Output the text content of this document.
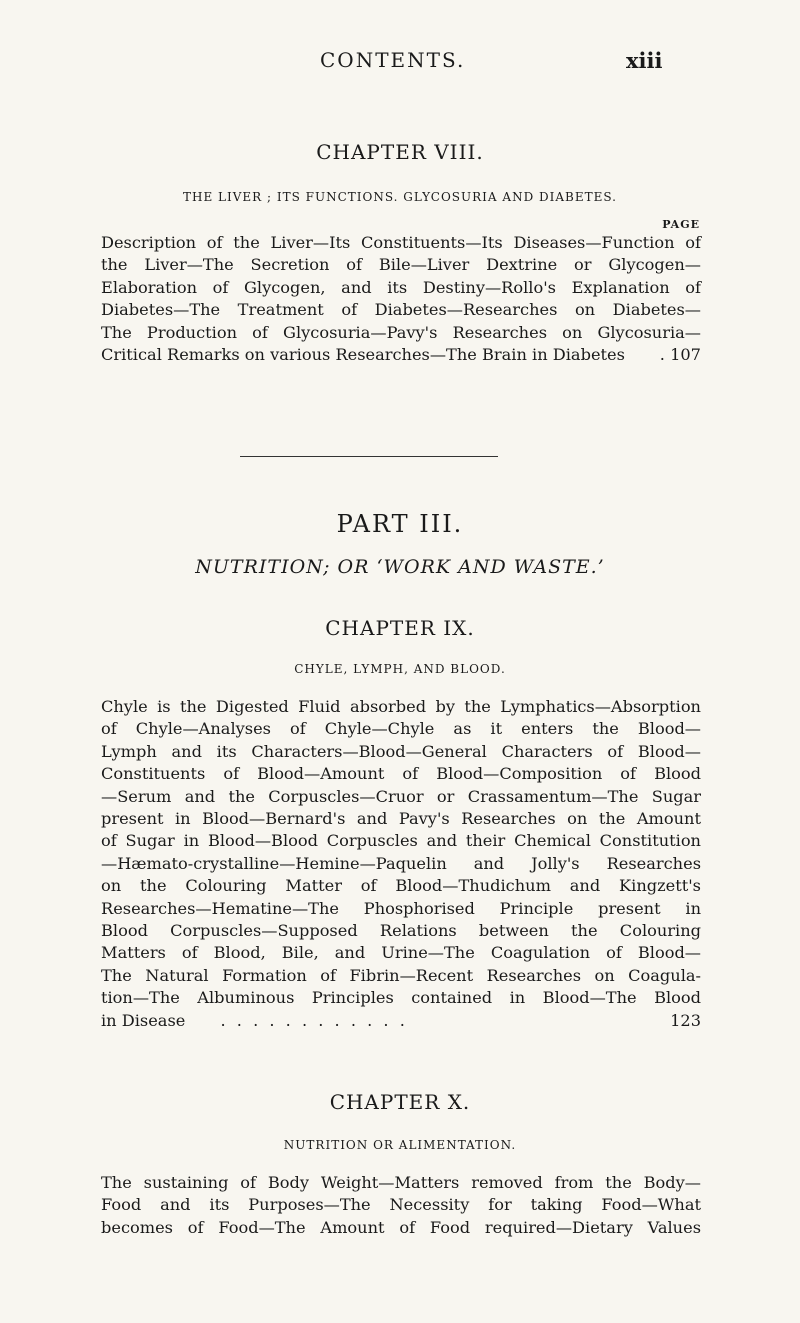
CONTENTS.	xiii
CHAPTER VIII.
THE LIVER ; ITS FUNCTIONS. GLYCOSURIA AND DIABETES.
PAGE
Description of the Liver—Its Constituents—Its Diseases—Function of
the Liver—The Secretion of Bile—Liver Dextrine or Glycogen—
Elaboration of Glycogen, and its Destiny—Rollo's Explanation of
Diabetes—The Treatment of Diabetes—Researches on Diabetes—
The Production of Glycosuria—Pavy's Researches on Glycosuria—
Critical Remarks on various Researches—The Brain in Diabetes . 107
PART III.
NUTRITION; OR ‘WORK AND WASTE.’
CHAPTER IX.
CHYLE, LYMPH, AND BLOOD.
Chyle is the Digested Fluid absorbed by the Lymphatics—Absorption
of Chyle—Analyses of Chyle—Chyle as it enters the Blood—
Lymph and its Characters—Blood—General Characters of Blood—
Constituents of Blood—Amount of Blood—Composition of Blood
—Serum and the Corpuscles—Cruor or Crassamentum—The Sugar
present in Blood—Bernard's and Pavy's Researches on the Amount
of Sugar in Blood—Blood Corpuscles and their Chemical Constitution
—Hæmato-crystalline—Hemine—Paquelin and Jolly's Researches
on the Colouring Matter of Blood—Thudichum and Kingzett's
Researches—Hematine—The Phosphorised Principle present in
Blood Corpuscles—Supposed Relations between the Colouring
Matters of Blood, Bile, and Urine—The Coagulation of Blood—
The Natural Formation of Fibrin—Recent Researches on Coagula-
tion—The Albuminous Principles contained in Blood—The Blood
in Disease . . . . . . . . . . . .	123
CHAPTER X.
NUTRITION OR ALIMENTATION.
The sustaining of Body Weight—Matters removed from the Body—
Food and its Purposes—The Necessity for taking Food—What
becomes of Food—The Amount of Food required—Dietary Values
